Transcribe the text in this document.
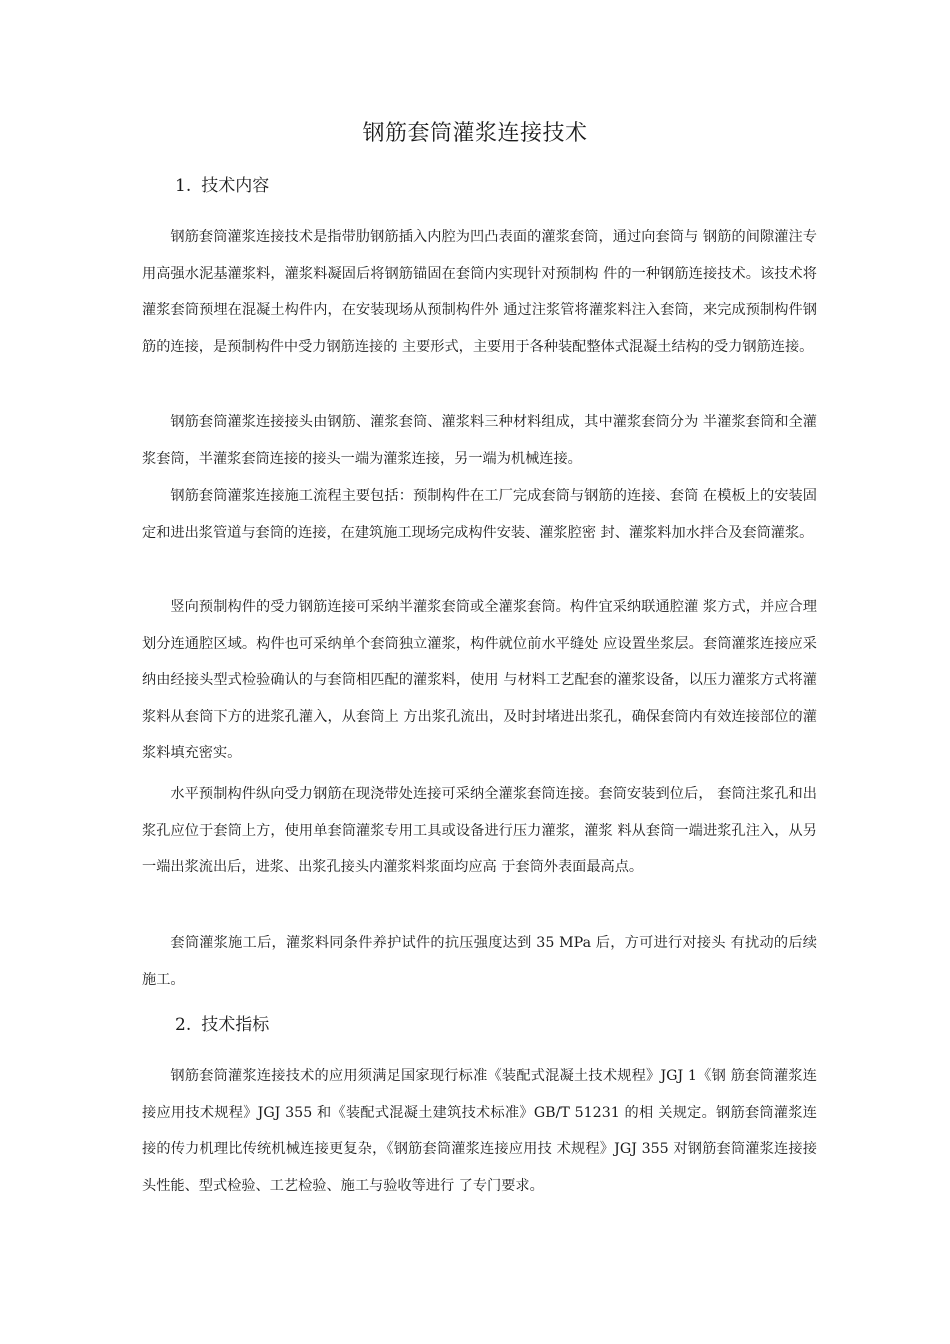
钢筋套筒灌浆连接技术
1. 技术内容

钢筋套筒灌浆连接技术是指带肋钢筋插入内腔为凹凸表面的灌浆套筒，通过向套筒与 钢筋的间隙灌注专用高强水泥基灌浆料，灌浆料凝固后将钢筋锚固在套筒内实现针对预制构 件的一种钢筋连接技术。该技术将灌浆套筒预埋在混凝土构件内，在安装现场从预制构件外 通过注浆管将灌浆料注入套筒，来完成预制构件钢筋的连接，是预制构件中受力钢筋连接的 主要形式，主要用于各种装配整体式混凝土结构的受力钢筋连接。

钢筋套筒灌浆连接接头由钢筋、灌浆套筒、灌浆料三种材料组成，其中灌浆套筒分为 半灌浆套筒和全灌浆套筒，半灌浆套筒连接的接头一端为灌浆连接，另一端为机械连接。

钢筋套筒灌浆连接施工流程主要包括：预制构件在工厂完成套筒与钢筋的连接、套筒 在模板上的安装固定和进出浆管道与套筒的连接，在建筑施工现场完成构件安装、灌浆腔密 封、灌浆料加水拌合及套筒灌浆。

竖向预制构件的受力钢筋连接可采纳半灌浆套筒或全灌浆套筒。构件宜采纳联通腔灌 浆方式，并应合理划分连通腔区域。构件也可采纳单个套筒独立灌浆，构件就位前水平缝处 应设置坐浆层。套筒灌浆连接应采纳由经接头型式检验确认的与套筒相匹配的灌浆料，使用 与材料工艺配套的灌浆设备，以压力灌浆方式将灌浆料从套筒下方的进浆孔灌入，从套筒上 方出浆孔流出，及时封堵进出浆孔，确保套筒内有效连接部位的灌浆料填充密实。

水平预制构件纵向受力钢筋在现浇带处连接可采纳全灌浆套筒连接。套筒安装到位后， 套筒注浆孔和出浆孔应位于套筒上方，使用单套筒灌浆专用工具或设备进行压力灌浆，灌浆 料从套筒一端进浆孔注入，从另一端出浆流出后，进浆、出浆孔接头内灌浆料浆面均应高 于套筒外表面最高点。

套筒灌浆施工后，灌浆料同条件养护试件的抗压强度达到 35 MPa 后，方可进行对接头 有扰动的后续施工。

2. 技术指标

钢筋套筒灌浆连接技术的应用须满足国家现行标准《装配式混凝土技术规程》JGJ 1《钢 筋套筒灌浆连接应用技术规程》JGJ 355 和《装配式混凝土建筑技术标准》GB/T 51231 的相 关规定。钢筋套筒灌浆连接的传力机理比传统机械连接更复杂，《钢筋套筒灌浆连接应用技 术规程》JGJ 355 对钢筋套筒灌浆连接接头性能、型式检验、工艺检验、施工与验收等进行 了专门要求。
